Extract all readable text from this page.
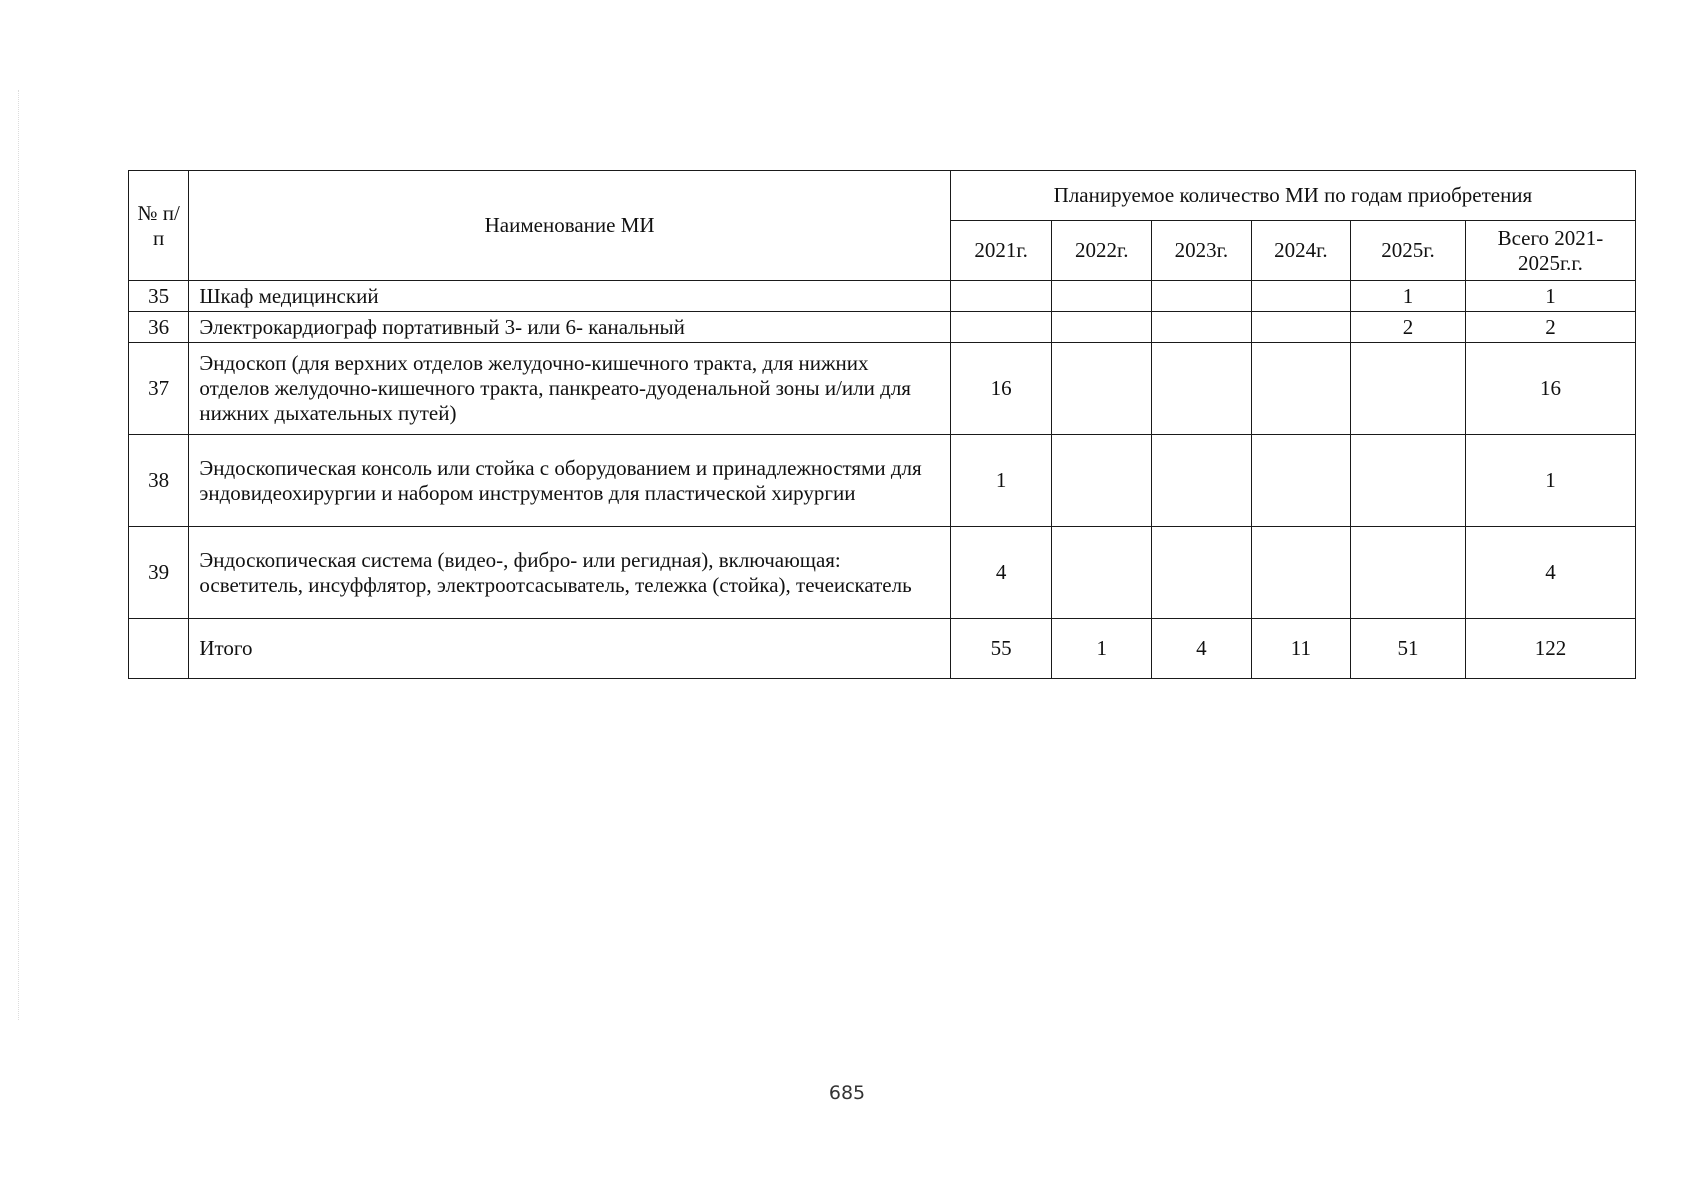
№ п/п	Наименование МИ	Планируемое количество МИ по годам приобретения					
		2021г.	2022г.	2023г.	2024г.	2025г.	Всего 2021-2025г.г.
35	Шкаф медицинский					1	1
36	Электрокардиограф портативный 3- или 6- канальный					2	2
37	Эндоскоп (для верхних отделов желудочно-кишечного тракта, для нижних отделов желудочно-кишечного тракта, панкреато-дуоденальной зоны и/или для нижних дыхательных путей)	16					16
38	Эндоскопическая консоль или стойка с оборудованием и принадлежностями для эндовидеохирургии и набором инструментов для пластической хирургии	1					1
39	Эндоскопическая система (видео-, фибро- или регидная), включающая: осветитель, инсуффлятор, электроотсасыватель, тележка (стойка), течеискатель	4					4
	Итого	55	1	4	11	51	122
685
